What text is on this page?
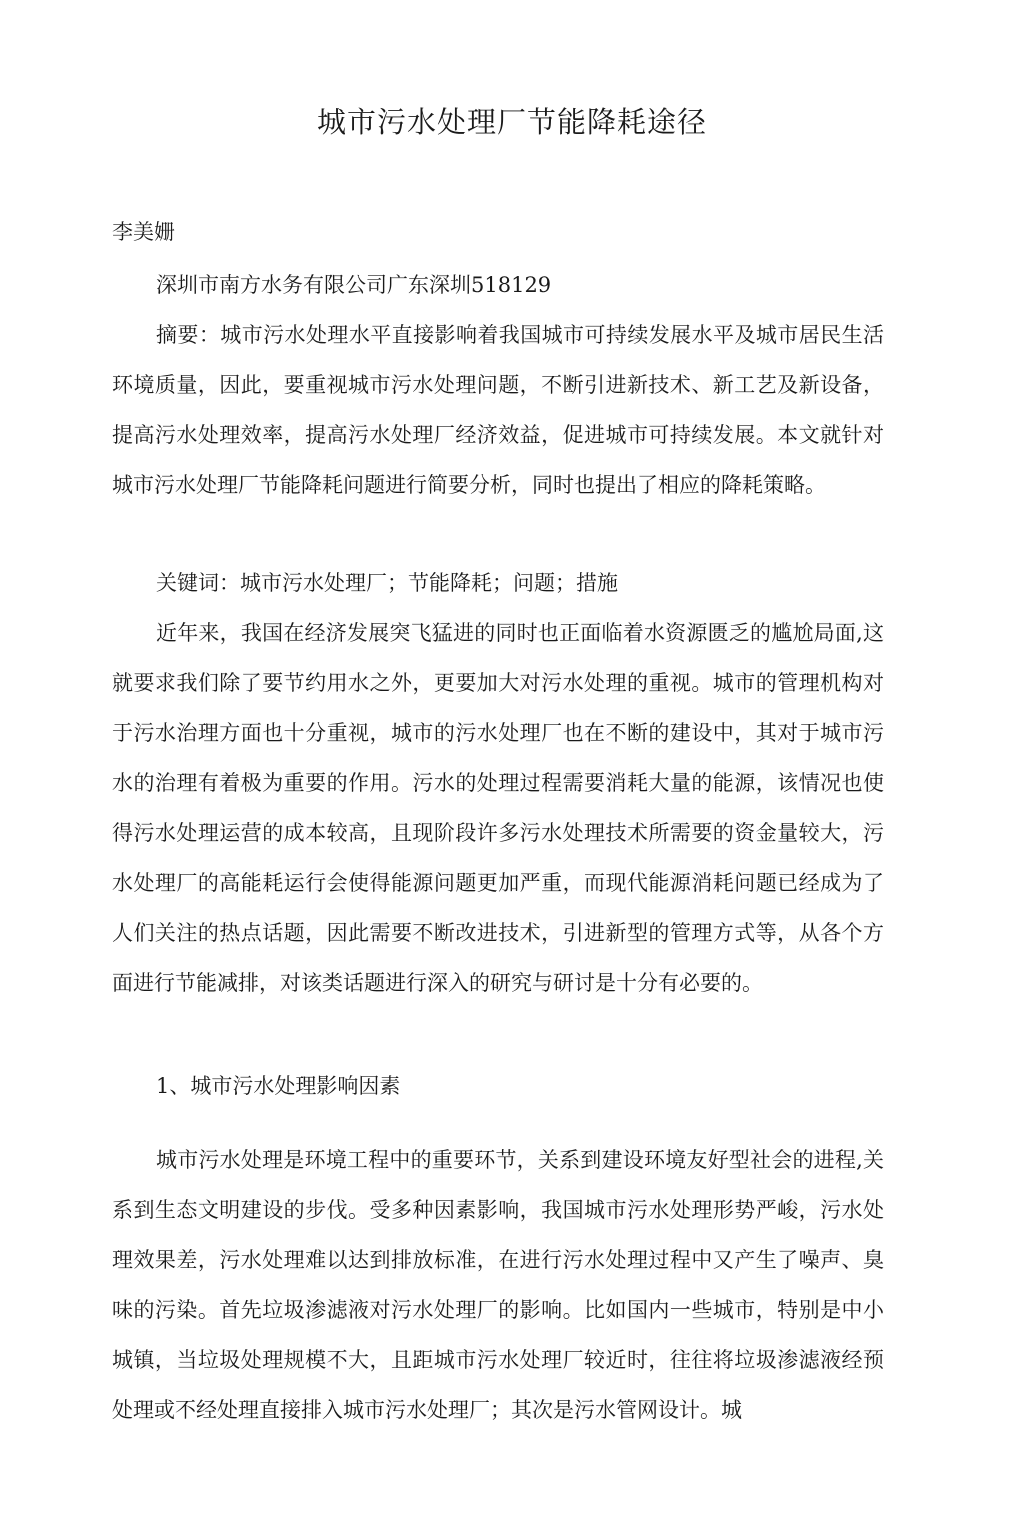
城市污水处理厂节能降耗途径

李美姗

深圳市南方水务有限公司广东深圳518129

摘要：城市污水处理水平直接影响着我国城市可持续发展水平及城市居民生活环境质量，因此，要重视城市污水处理问题，不断引进新技术、新工艺及新设备，提高污水处理效率，提高污水处理厂经济效益，促进城市可持续发展。本文就针对城市污水处理厂节能降耗问题进行简要分析，同时也提出了相应的降耗策略。

关键词：城市污水处理厂；节能降耗；问题；措施

近年来，我国在经济发展突飞猛进的同时也正面临着水资源匮乏的尴尬局面,这就要求我们除了要节约用水之外，更要加大对污水处理的重视。城市的管理机构对于污水治理方面也十分重视，城市的污水处理厂也在不断的建设中，其对于城市污水的治理有着极为重要的作用。污水的处理过程需要消耗大量的能源，该情况也使得污水处理运营的成本较高，且现阶段许多污水处理技术所需要的资金量较大，污水处理厂的高能耗运行会使得能源问题更加严重，而现代能源消耗问题已经成为了人们关注的热点话题，因此需要不断改进技术，引进新型的管理方式等，从各个方面进行节能减排，对该类话题进行深入的研究与研讨是十分有必要的。

1、城市污水处理影响因素

城市污水处理是环境工程中的重要环节，关系到建设环境友好型社会的进程,关系到生态文明建设的步伐。受多种因素影响，我国城市污水处理形势严峻，污水处理效果差，污水处理难以达到排放标准，在进行污水处理过程中又产生了噪声、臭味的污染。首先垃圾渗滤液对污水处理厂的影响。比如国内一些城市，特别是中小城镇，当垃圾处理规模不大，且距城市污水处理厂较近时，往往将垃圾渗滤液经预处理或不经处理直接排入城市污水处理厂；其次是污水管网设计。城
